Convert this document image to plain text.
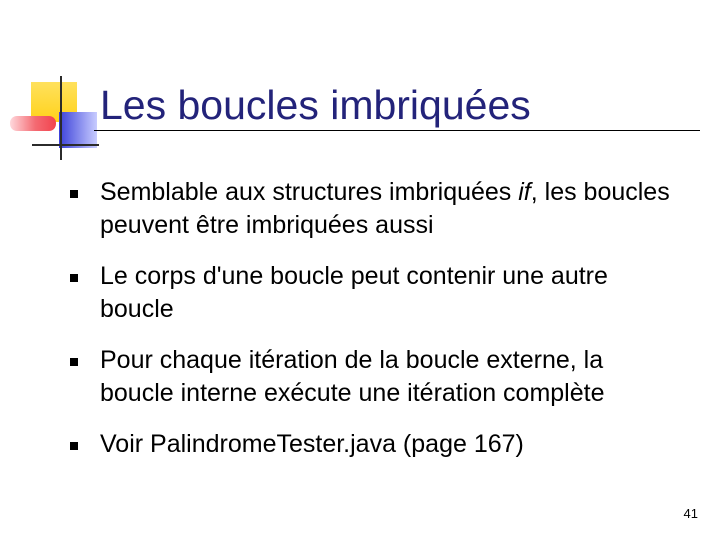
Les boucles imbriquées
Semblable aux structures imbriquées if, les boucles peuvent être imbriquées aussi
Le corps d'une boucle peut contenir une autre boucle
Pour chaque itération de la boucle externe, la boucle interne exécute une itération complète
Voir PalindromeTester.java (page 167)
41
